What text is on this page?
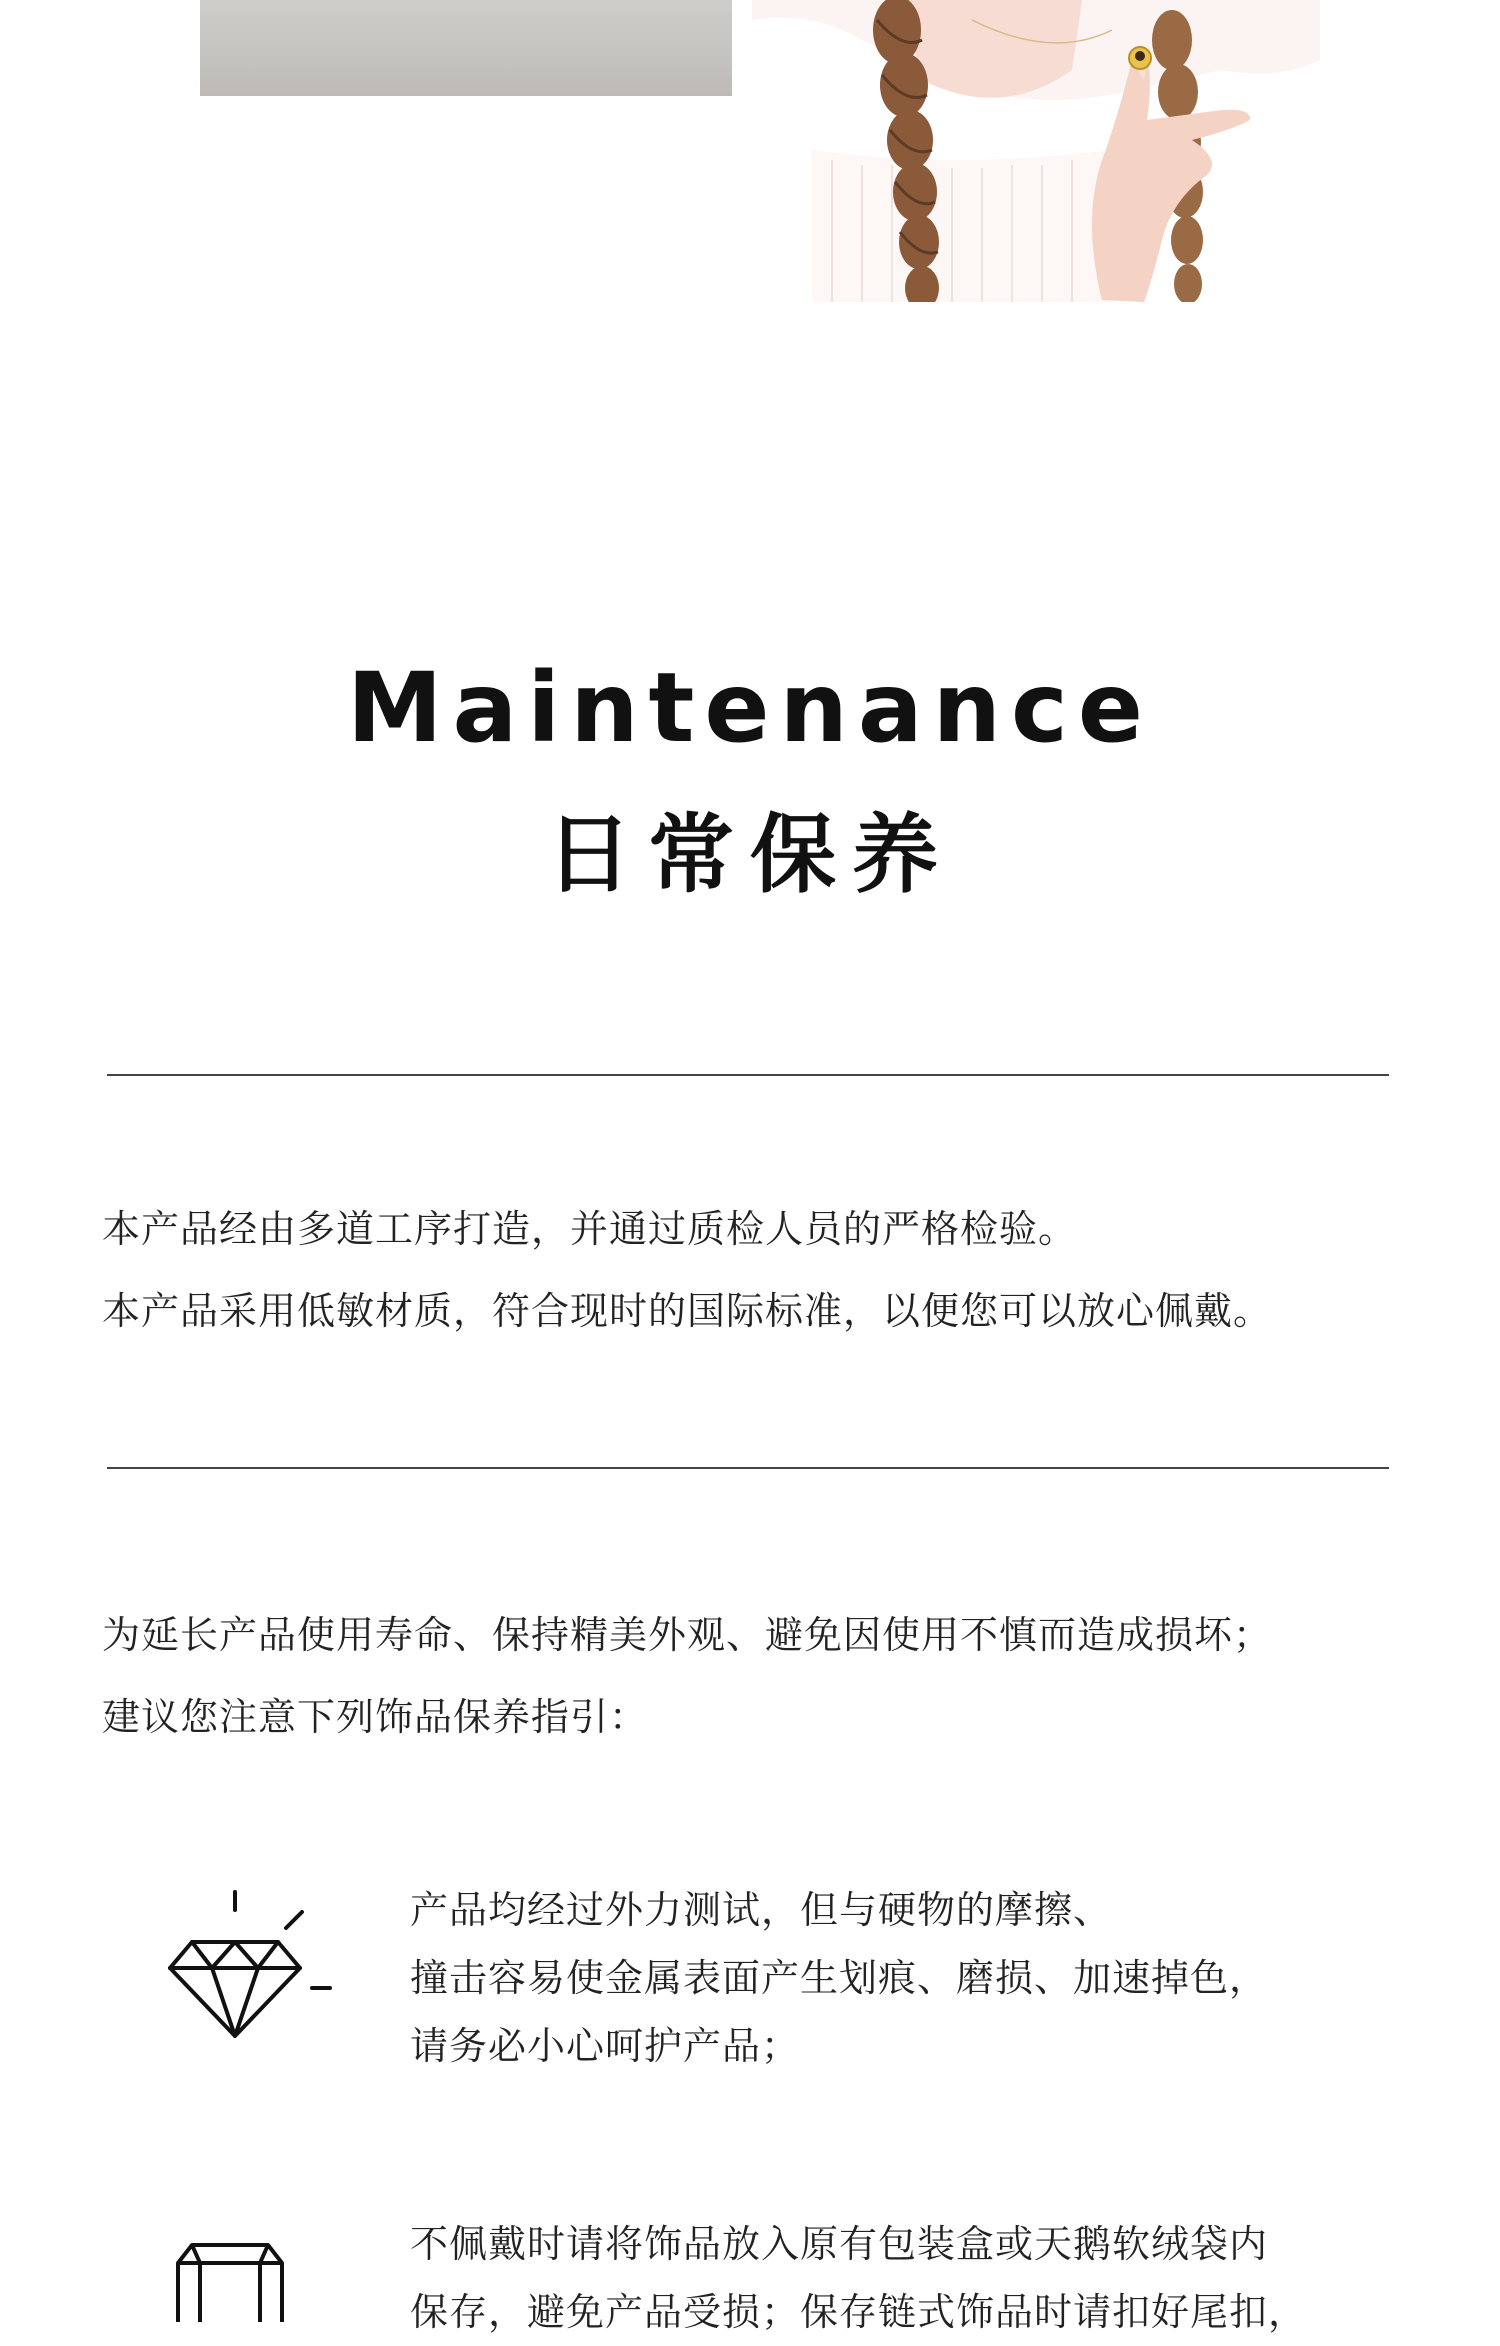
Maintenance
日常保养

本产品经由多道工序打造，并通过质检人员的严格检验。

本产品采用低敏材质，符合现时的国际标准，以便您可以放心佩戴。

为延长产品使用寿命、保持精美外观、避免因使用不慎而造成损坏；

建议您注意下列饰品保养指引：

产品均经过外力测试，但与硬物的摩擦、

撞击容易使金属表面产生划痕、磨损、加速掉色，

请务必小心呵护产品；

不佩戴时请将饰品放入原有包装盒或天鹅软绒袋内

保存，避免产品受损；保存链式饰品时请扣好尾扣，
